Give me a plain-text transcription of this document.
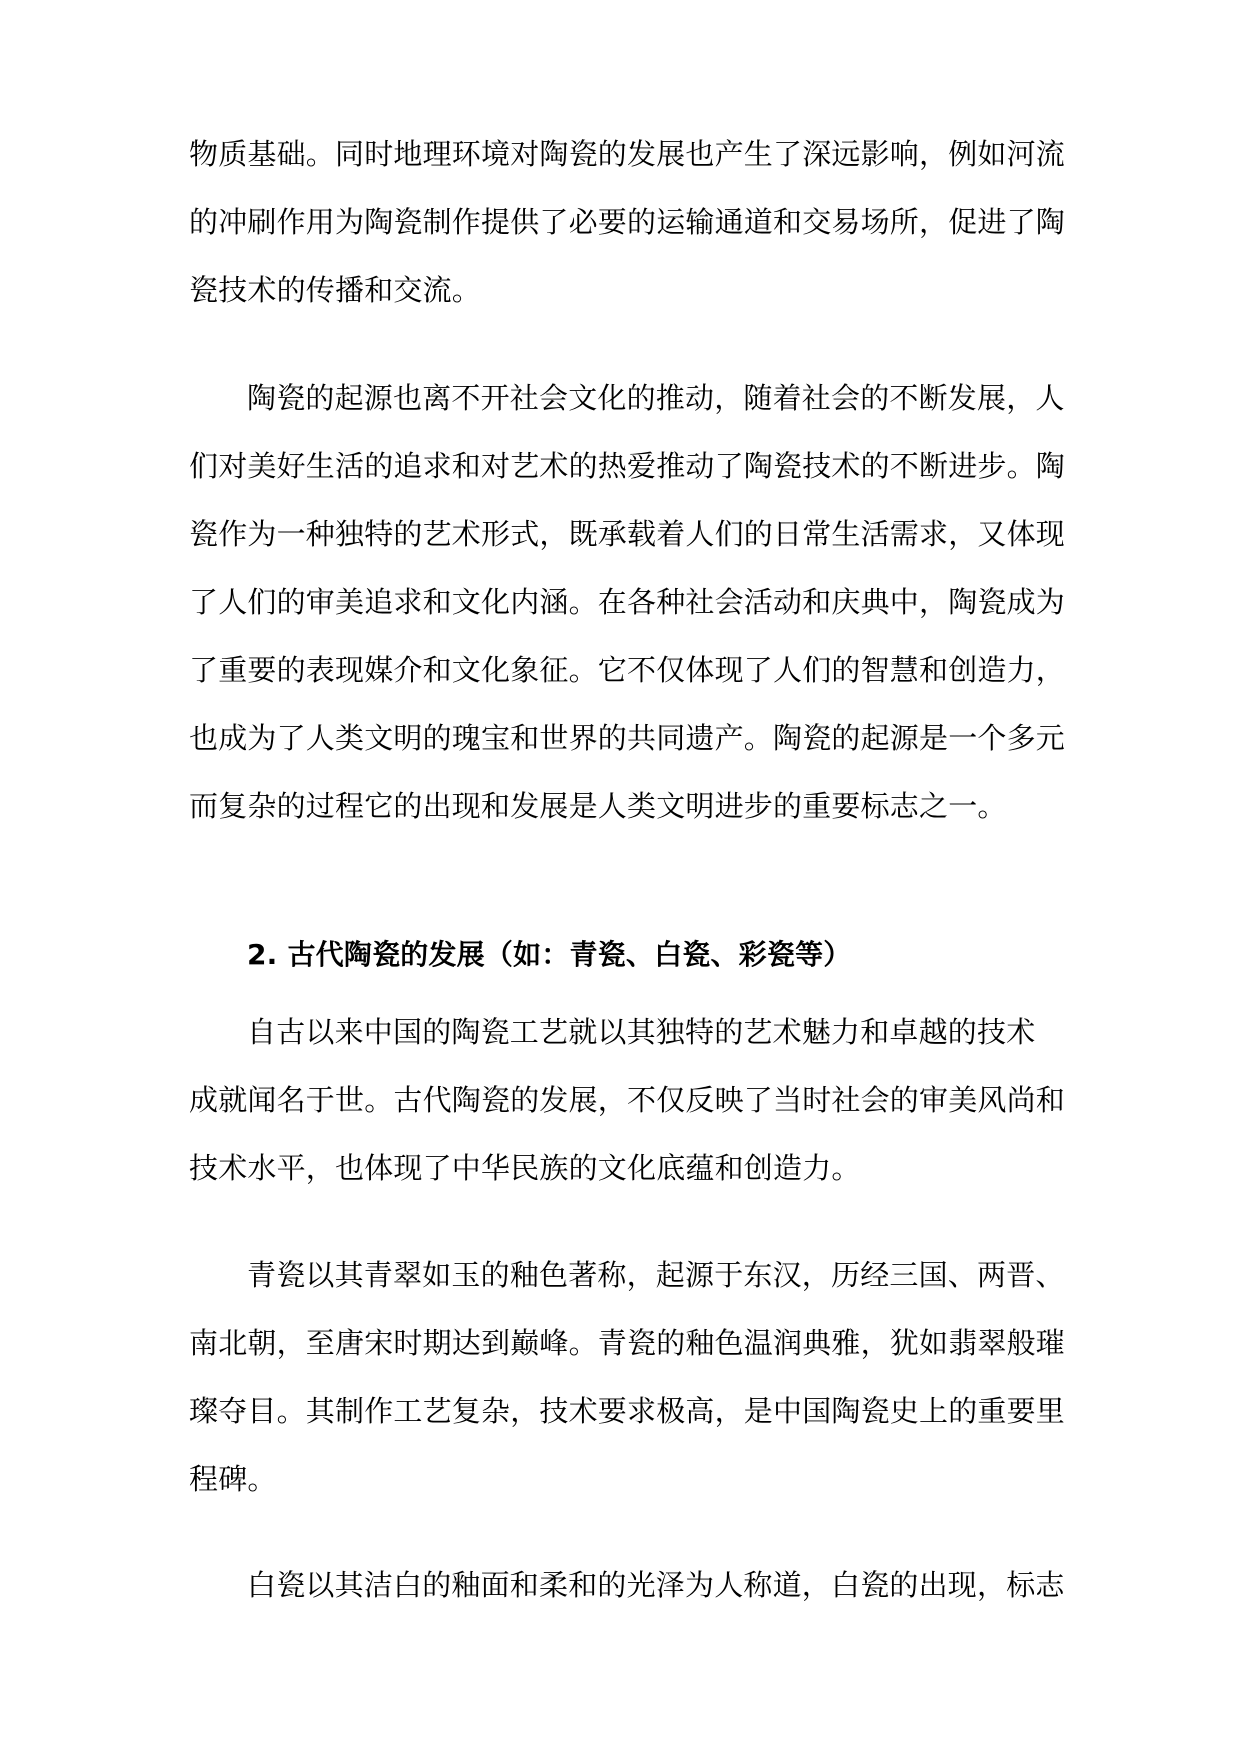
物质基础。同时地理环境对陶瓷的发展也产生了深远影响，例如河流
的冲刷作用为陶瓷制作提供了必要的运输通道和交易场所，促进了陶
瓷技术的传播和交流。
陶瓷的起源也离不开社会文化的推动，随着社会的不断发展，人
们对美好生活的追求和对艺术的热爱推动了陶瓷技术的不断进步。陶
瓷作为一种独特的艺术形式，既承载着人们的日常生活需求，又体现
了人们的审美追求和文化内涵。在各种社会活动和庆典中，陶瓷成为
了重要的表现媒介和文化象征。它不仅体现了人们的智慧和创造力，
也成为了人类文明的瑰宝和世界的共同遗产。陶瓷的起源是一个多元
而复杂的过程它的出现和发展是人类文明进步的重要标志之一。
2. 古代陶瓷的发展（如：青瓷、白瓷、彩瓷等）
自古以来中国的陶瓷工艺就以其独特的艺术魅力和卓越的技术
成就闻名于世。古代陶瓷的发展，不仅反映了当时社会的审美风尚和
技术水平，也体现了中华民族的文化底蕴和创造力。
青瓷以其青翠如玉的釉色著称，起源于东汉，历经三国、两晋、
南北朝，至唐宋时期达到巅峰。青瓷的釉色温润典雅，犹如翡翠般璀
璨夺目。其制作工艺复杂，技术要求极高，是中国陶瓷史上的重要里
程碑。
白瓷以其洁白的釉面和柔和的光泽为人称道，白瓷的出现，标志
